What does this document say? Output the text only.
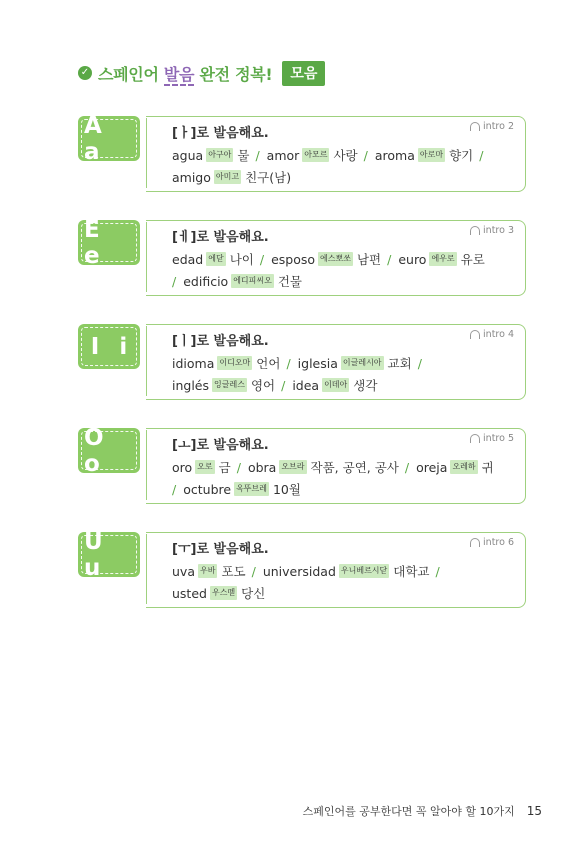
✓ 스페인어 발음 완전 정복!	모음
A a
[ㅏ]로 발음해요.	intro 2
agua 아구아 물 / amor 아모르 사랑 / aroma 아로마 향기 /
amigo 아미고 친구(남)
E e
[ㅔ]로 발음해요.	intro 3
edad 에닫 나이 / esposo 에스뽀쏘 남편 / euro 에우로 유로
/ edificio 에디피씨오 건물
I i	[ㅣ]로 발음해요.	intro 4
idioma 이디오마 언어 / iglesia 이글레시아 교회 /
inglés 잉글레스 영어 / idea 이데아 생각
O o
[ㅗ]로 발음해요.	intro 5
oro 오로 금 / obra 오브라 작품, 공연, 공사 / oreja 오레하 귀
/ octubre 옥뚜브레 10월
U u
[ㅜ]로 발음해요.	intro 6
uva 우바 포도 / universidad 우니베르시닫 대학교 /
usted 우스뗃 당신
스페인어를 공부한다면 꼭 알아야 할 10가지 15
